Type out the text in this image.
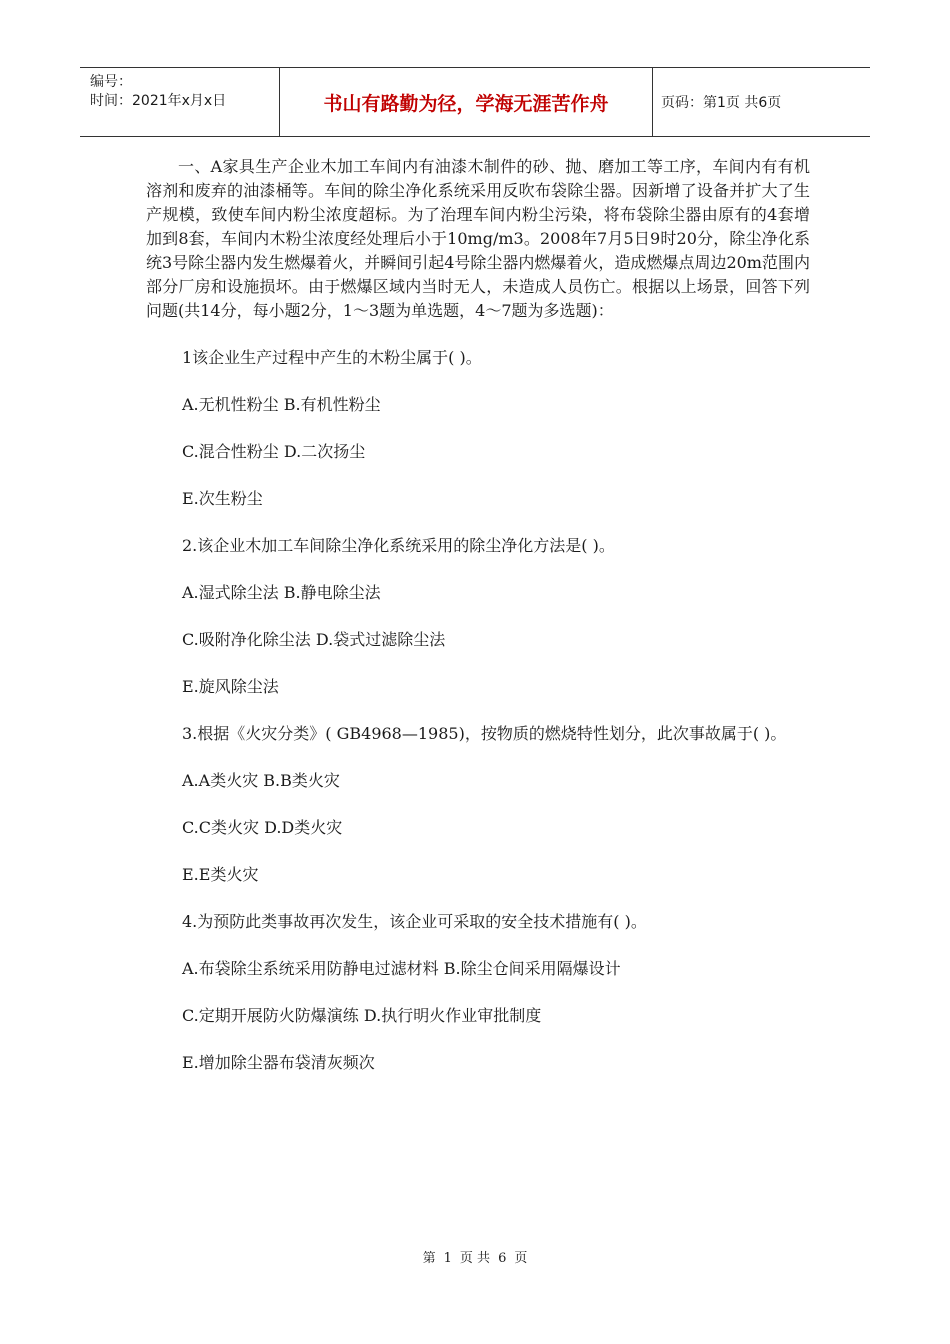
编号：
时间：2021年x月x日	书山有路勤为径，学海无涯苦作舟	页码：第1页 共6页

一、A家具生产企业木加工车间内有油漆木制件的砂、抛、磨加工等工序，车间内有有机溶剂和废弃的油漆桶等。车间的除尘净化系统采用反吹布袋除尘器。因新增了设备并扩大了生产规模，致使车间内粉尘浓度超标。为了治理车间内粉尘污染，将布袋除尘器由原有的4套增加到8套，车间内木粉尘浓度经处理后小于10mg/m3。2008年7月5日9时20分，除尘净化系统3号除尘器内发生燃爆着火，并瞬间引起4号除尘器内燃爆着火，造成燃爆点周边20m范围内部分厂房和设施损坏。由于燃爆区域内当时无人，未造成人员伤亡。根据以上场景，回答下列问题(共14分，每小题2分，1～3题为单选题，4～7题为多选题)：

1该企业生产过程中产生的木粉尘属于( )。

A.无机性粉尘 B.有机性粉尘

C.混合性粉尘 D.二次扬尘

E.次生粉尘

2.该企业木加工车间除尘净化系统采用的除尘净化方法是( )。

A.湿式除尘法 B.静电除尘法

C.吸附净化除尘法 D.袋式过滤除尘法

E.旋风除尘法

3.根据《火灾分类》( GB4968—1985)，按物质的燃烧特性划分，此次事故属于( )。

A.A类火灾 B.B类火灾

C.C类火灾 D.D类火灾

E.E类火灾

4.为预防此类事故再次发生，该企业可采取的安全技术措施有( )。

A.布袋除尘系统采用防静电过滤材料 B.除尘仓间采用隔爆设计

C.定期开展防火防爆演练 D.执行明火作业审批制度

E.增加除尘器布袋清灰频次

第 1 页 共 6 页
